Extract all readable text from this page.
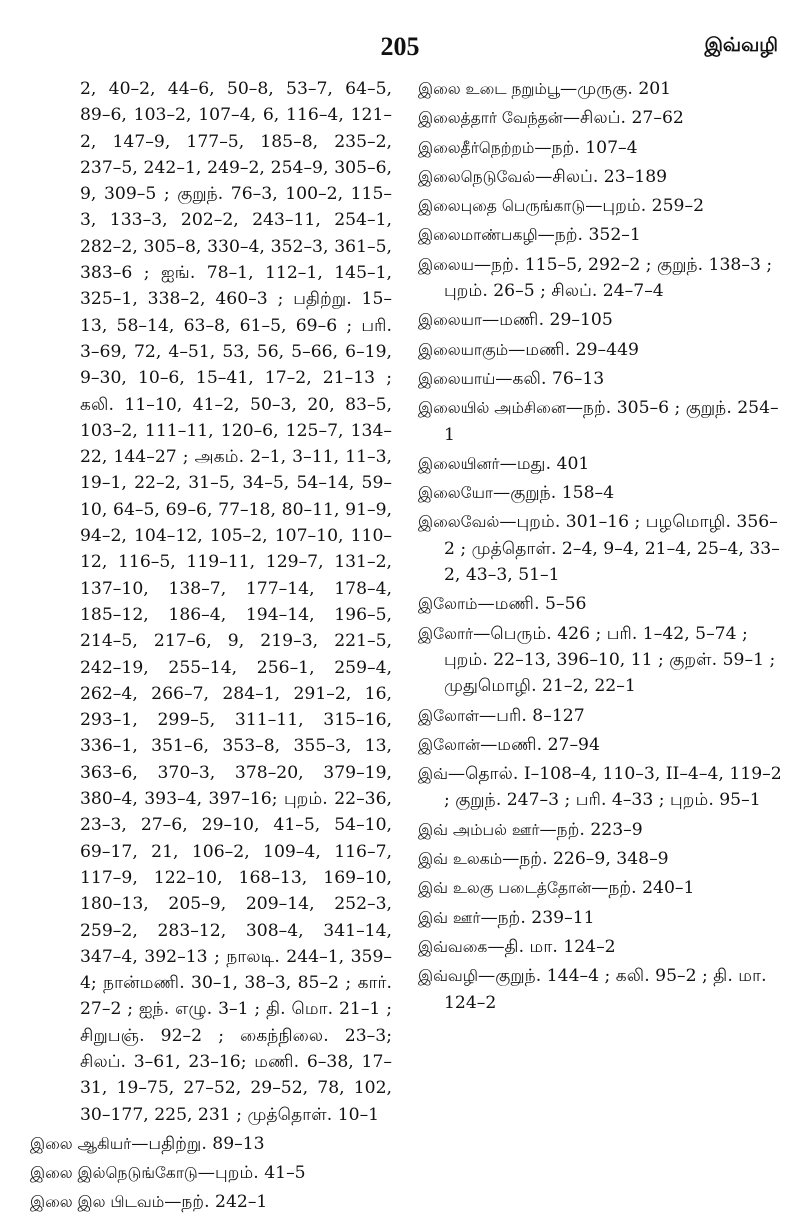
205	இவ்வழி
2, 40–2, 44–6, 50–8, 53–7, 64–5, 89–6, 103–2, 107–4, 6, 116–4, 121–2, 147–9, 177–5, 185–8, 235–2, 237–5, 242–1, 249–2, 254–9, 305–6, 9, 309–5 ; குறுந். 76–3, 100–2, 115–3, 133–3, 202–2, 243–11, 254–1, 282–2, 305–8, 330–4, 352–3, 361–5, 383–6 ; ஐங். 78–1, 112–1, 145–1, 325–1, 338–2, 460–3 ; பதிற்று. 15–13, 58–14, 63–8, 61–5, 69–6 ; பரி. 3–69, 72, 4–51, 53, 56, 5–66, 6–19, 9–30, 10–6, 15–41, 17–2, 21–13 ; கலி. 11–10, 41–2, 50–3, 20, 83–5, 103–2, 111–11, 120–6, 125–7, 134–22, 144–27 ; அகம். 2–1, 3–11, 11–3, 19–1, 22–2, 31–5, 34–5, 54–14, 59–10, 64–5, 69–6, 77–18, 80–11, 91–9, 94–2, 104–12, 105–2, 107–10, 110–12, 116–5, 119–11, 129–7, 131–2, 137–10, 138–7, 177–14, 178–4, 185–12, 186–4, 194–14, 196–5, 214–5, 217–6, 9, 219–3, 221–5, 242–19, 255–14, 256–1, 259–4, 262–4, 266–7, 284–1, 291–2, 16, 293–1, 299–5, 311–11, 315–16, 336–1, 351–6, 353–8, 355–3, 13, 363–6, 370–3, 378–20, 379–19, 380–4, 393–4, 397–16; புறம். 22–36, 23–3, 27–6, 29–10, 41–5, 54–10, 69–17, 21, 106–2, 109–4, 116–7, 117–9, 122–10, 168–13, 169–10, 180–13, 205–9, 209–14, 252–3, 259–2, 283–12, 308–4, 341–14, 347–4, 392–13 ; நாலடி. 244–1, 359–4; நான்மணி. 30–1, 38–3, 85–2 ; கார். 27–2 ; ஐந். எழு. 3–1 ; தி. மொ. 21–1 ; சிறுபஞ். 92–2 ; கைந்நிலை. 23–3; சிலப். 3–61, 23–16; மணி. 6–38, 17–31, 19–75, 27–52, 29–52, 78, 102, 30–177, 225, 231 ; முத்தொள். 10–1
இலை ஆகியர்—பதிற்று. 89–13
இலை இல்நெடுங்கோடு—புறம். 41–5
இலை இல பிடவம்—நற். 242–1
இலை உடை நறும்பூ—முருகு. 201
இலைத்தார் வேந்தன்—சிலப். 27–62
இலைதீர்நெற்றம்—நற். 107–4
இலைநெடுவேல்—சிலப். 23–189
இலைபுதை பெருங்காடு—புறம். 259–2
இலைமாண்பகழி—நற். 352–1
இலைய—நற். 115–5, 292–2 ; குறுந். 138–3 ; புறம். 26–5 ; சிலப். 24–7–4
இலையா—மணி. 29–105
இலையாகும்—மணி. 29–449
இலையாய்—கலி. 76–13
இலையில் அம்சினை—நற். 305–6 ; குறுந். 254–1
இலையினர்—மது. 401
இலையோ—குறுந். 158–4
இலைவேல்—புறம். 301–16 ; பழமொழி. 356–2 ; முத்தொள். 2–4, 9–4, 21–4, 25–4, 33–2, 43–3, 51–1
இலோம்—மணி. 5–56
இலோர்—பெரும். 426 ; பரி. 1–42, 5–74 ; புறம். 22–13, 396–10, 11 ; குறள். 59–1 ; முதுமொழி. 21–2, 22–1
இலோள்—பரி. 8–127
இலோன்—மணி. 27–94
இவ்—தொல். I–108–4, 110–3, II–4–4, 119–2 ; குறுந். 247–3 ; பரி. 4–33 ; புறம். 95–1
இவ் அம்பல் ஊர்—நற். 223–9
இவ் உலகம்—நற். 226–9, 348–9
இவ் உலகு படைத்தோன்—நற். 240–1
இவ் ஊர்—நற். 239–11
இவ்வகை—தி. மா. 124–2
இவ்வழி—குறுந். 144–4 ; கலி. 95–2 ; தி. மா. 124–2
